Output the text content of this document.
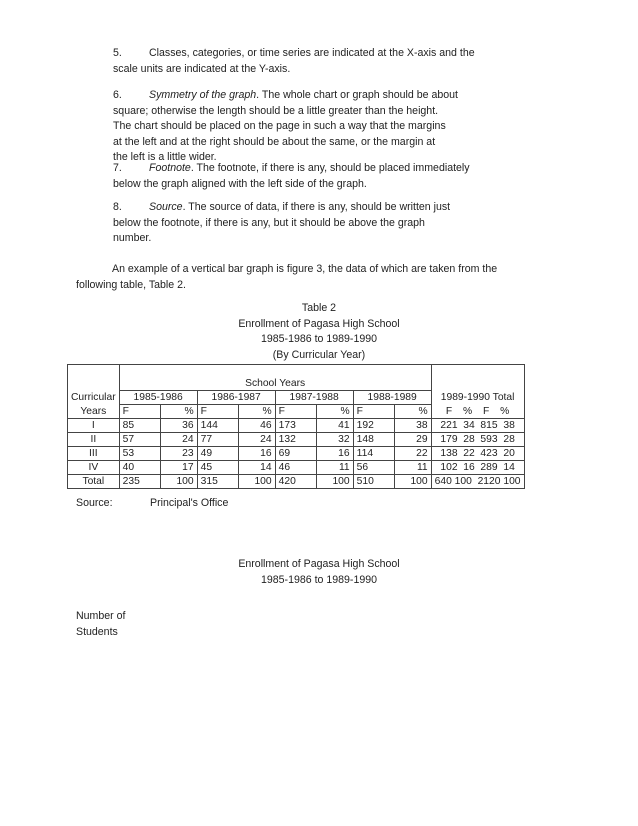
5.	Classes, categories, or time series are indicated at the X-axis and the
scale units are indicated at the Y-axis.
6.	Symmetry of the graph. The whole chart or graph should be about
square; otherwise the length should be a little greater than the height.
The chart should be placed on the page in such a way that the margins
at the left and at the right should be about the same, or the margin at
the left is a little wider.
7.	Footnote. The footnote, if there is any, should be placed immediately
below the graph aligned with the left side of the graph.
8.	Source. The source of data, if there is any, should be written just
below the footnote, if there is any, but it should be above the graph
number.
An example of a vertical bar graph is figure 3, the data of which are taken from the
following table, Table 2.
Table 2
Enrollment of Pagasa High School
1985-1986 to 1989-1990
(By Curricular Year)
	School Years								
Curricular	1985-1986		1986-1987		1987-1988		1988-1989		1989-1990 Total
Years	F	%	F	%	F	%	F	%	F % F %
I	85	36	144	46	173	41	192	38	221  34  815  38
II	57	24	77	24	132	32	148	29	179  28  593  28
III	53	23	49	16	69	16	114	22	138  22  423  20
IV	40	17	45	14	46	11	56	11	102  16  289  14
Total	235	100	315	100	420	100	510	100	640 100  2120 100
Source:	Principal's Office
Enrollment of Pagasa High School
1985-1986 to 1989-1990
Number of
Students
